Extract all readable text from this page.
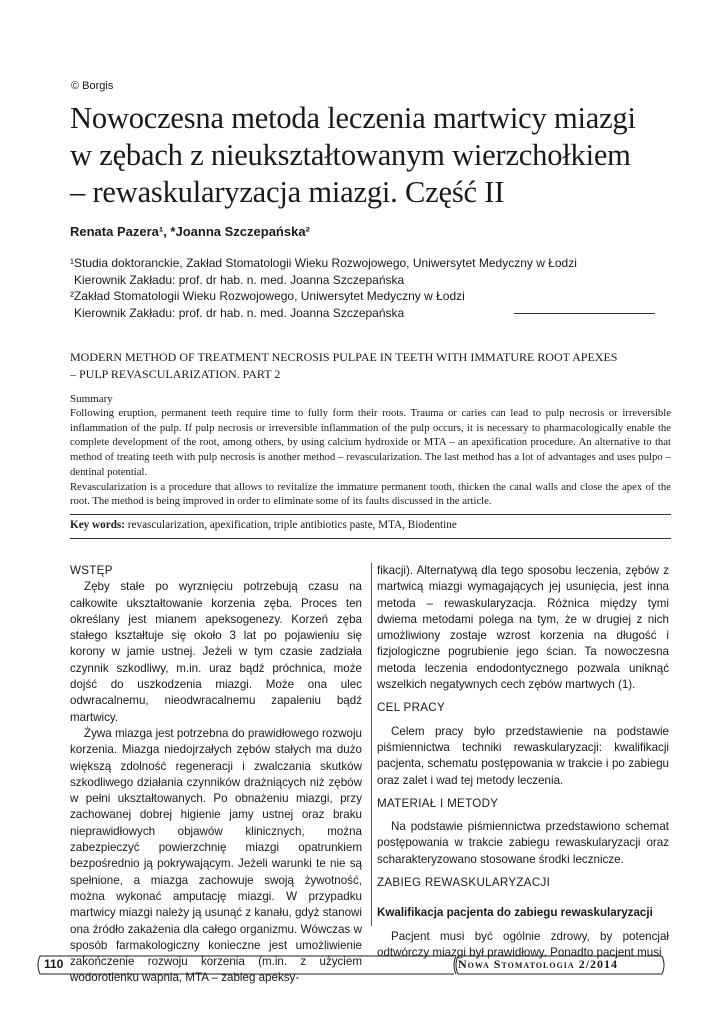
© Borgis
Nowoczesna metoda leczenia martwicy miazgi
w zębach z nieukształtowanym wierzchołkiem
– rewaskularyzacja miazgi. Część II
Renata Pazera¹, *Joanna Szczepańska²
¹Studia doktoranckie, Zakład Stomatologii Wieku Rozwojowego, Uniwersytet Medyczny w Łodzi
Kierownik Zakładu: prof. dr hab. n. med. Joanna Szczepańska
²Zakład Stomatologii Wieku Rozwojowego, Uniwersytet Medyczny w Łodzi
Kierownik Zakładu: prof. dr hab. n. med. Joanna Szczepańska
MODERN METHOD OF TREATMENT NECROSIS PULPAE IN TEETH WITH IMMATURE ROOT APEXES
– PULP REVASCULARIZATION. PART 2
Summary

Following eruption, permanent teeth require time to fully form their roots. Trauma or caries can lead to pulp necrosis or irreversible inflammation of the pulp. If pulp necrosis or irreversible inflammation of the pulp occurs, it is necessary to pharmacologically enable the complete development of the root, among others, by using calcium hydroxide or MTA – an apexification procedure. An alternative to that method of treating teeth with pulp necrosis is another method – revascularization. The last method has a lot of advantages and uses pulpo – dentinal potential.

Revascularization is a procedure that allows to revitalize the immature permanent tooth, thicken the canal walls and close the apex of the root. The method is being improved in order to eliminate some of its faults discussed in the article.

Key words: revascularization, apexification, triple antibiotics paste, MTA, Biodentine
WSTĘP

Zęby stałe po wyrznięciu potrzebują czasu na całkowite ukształtowanie korzenia zęba. Proces ten określany jest mianem apeksogenezy. Korzeń zęba stałego kształtuje się około 3 lat po pojawieniu się korony w jamie ustnej. Jeżeli w tym czasie zadziała czynnik szkodliwy, m.in. uraz bądź próchnica, może dojść do uszkodzenia miazgi. Może ona ulec odwracalnemu, nieodwracalnemu zapaleniu bądź martwicy.

Żywa miazga jest potrzebna do prawidłowego rozwoju korzenia. Miazga niedojrzałych zębów stałych ma dużo większą zdolność regeneracji i zwalczania skutków szkodliwego działania czynników drażniących niż zębów w pełni ukształtowanych. Po obnażeniu miazgi, przy zachowanej dobrej higienie jamy ustnej oraz braku nieprawidłowych objawów klinicznych, można zabezpieczyć powierzchnię miazgi opatrunkiem bezpośrednio ją pokrywającym. Jeżeli warunki te nie są spełnione, a miazga zachowuje swoją żywotność, można wykonać amputację miazgi. W przypadku martwicy miazgi należy ją usunąć z kanału, gdyż stanowi ona źródło zakażenia dla całego organizmu. Wówczas w sposób farmakologiczny konieczne jest umożliwienie zakończenie rozwoju korzenia (m.in. z użyciem wodorotlenku wapnia, MTA – zabieg apeksy-

fikacji). Alternatywą dla tego sposobu leczenia, zębów z martwicą miazgi wymagających jej usunięcia, jest inna metoda – rewaskularyzacja. Różnica między tymi dwiema metodami polega na tym, że w drugiej z nich umożliwiony zostaje wzrost korzenia na długość i fizjologiczne pogrubienie jego ścian. Ta nowoczesna metoda leczenia endodontycznego pozwala uniknąć wszelkich negatywnych cech zębów martwych (1).

CEL PRACY

Celem pracy było przedstawienie na podstawie piśmiennictwa techniki rewaskularyzacji: kwalifikacji pacjenta, schematu postępowania w trakcie i po zabiegu oraz zalet i wad tej metody leczenia.

MATERIAŁ I METODY

Na podstawie piśmiennictwa przedstawiono schemat postępowania w trakcie zabiegu rewaskularyzacji oraz scharakteryzowano stosowane środki lecznicze.

ZABIEG REWASKULARYZACJI
Kwalifikacja pacjenta do zabiegu rewaskularyzacji

Pacjent musi być ogólnie zdrowy, by potencjał odtwórczy miazgi był prawidłowy. Ponadto pacjent musi

110	Nowa Stomatologia 2/2014
